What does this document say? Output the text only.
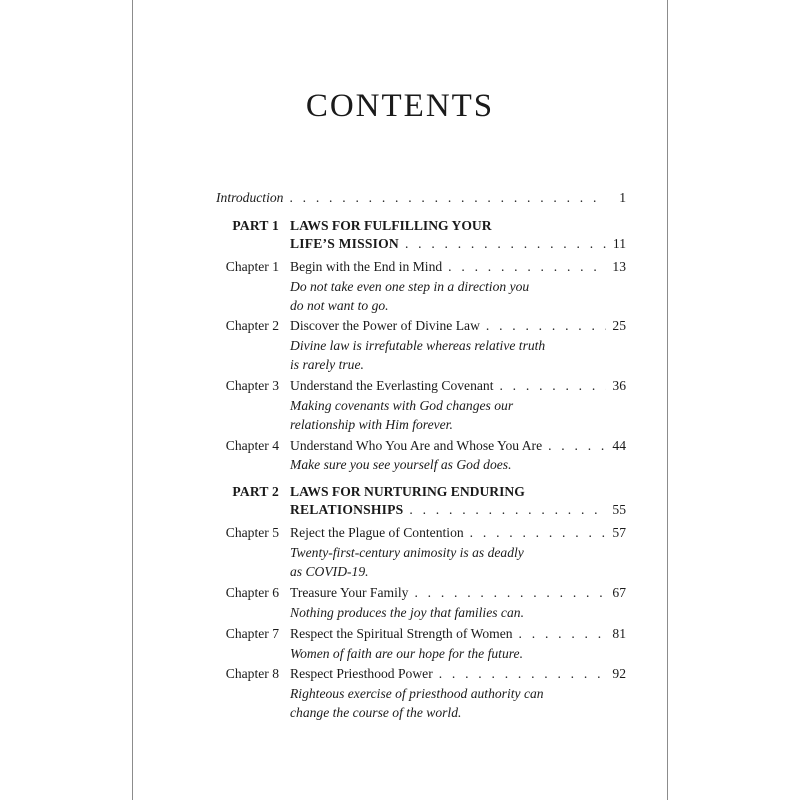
CONTENTS
Introduction . . .	1
PART 1 LAWS FOR FULFILLING YOUR
LIFE’S MISSION . . .	11
Chapter 1 Begin with the End in Mind . . .	13
Do not take even one step in a direction you
do not want to go.
Chapter 2 Discover the Power of Divine Law . . .	25
Divine law is irrefutable whereas relative truth
is rarely true.
Chapter 3 Understand the Everlasting Covenant . . .	36
Making covenants with God changes our
relationship with Him forever.
Chapter 4 Understand Who You Are and Whose You Are . . .	44
Make sure you see yourself as God does.
PART 2 LAWS FOR NURTURING ENDURING
RELATIONSHIPS . . .	55
Chapter 5 Reject the Plague of Contention . . .	57
Twenty-first-century animosity is as deadly
as COVID-19.
Chapter 6 Treasure Your Family . . .	67
Nothing produces the joy that families can.
Chapter 7 Respect the Spiritual Strength of Women . . .	81
Women of faith are our hope for the future.
Chapter 8 Respect Priesthood Power . . .	92
Righteous exercise of priesthood authority can
change the course of the world.
